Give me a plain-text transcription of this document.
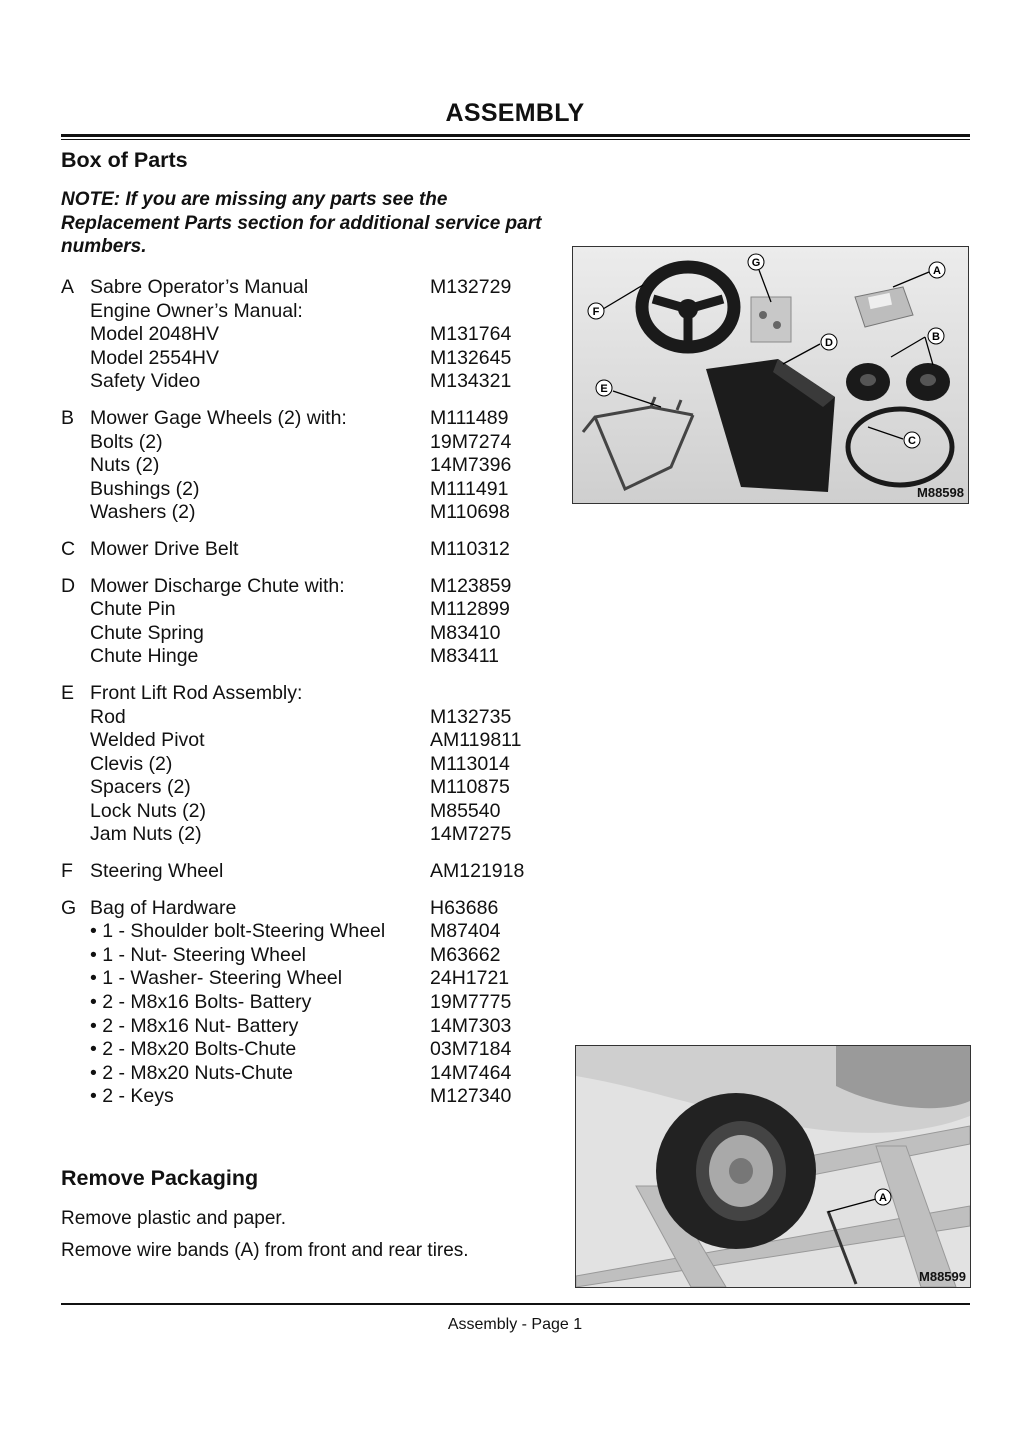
ASSEMBLY
Box of Parts
NOTE: If you are missing any parts see the Replacement Parts section for additional service part numbers.
A Sabre Operator’s Manual	M132729
Engine Owner’s Manual:
Model 2048HV	M131764
Model 2554HV	M132645
Safety Video	M134321
B Mower Gage Wheels (2) with:	M111489
Bolts (2)	19M7274
Nuts (2)	14M7396
Bushings (2)	M111491
Washers (2)	M110698
C Mower Drive Belt	M110312
D Mower Discharge Chute with:	M123859
Chute Pin	M112899
Chute Spring	M83410
Chute Hinge	M83411
E Front Lift Rod Assembly:
Rod	M132735
Welded Pivot	AM119811
Clevis (2)	M113014
Spacers (2)	M110875
Lock Nuts (2)	M85540
Jam Nuts (2)	14M7275
F Steering Wheel	AM121918
G Bag of Hardware	H63686
• 1 - Shoulder bolt-Steering Wheel M87404
• 1 - Nut- Steering Wheel	M63662
• 1 - Washer- Steering Wheel	24H1721
• 2 - M8x16 Bolts- Battery	19M7775
• 2 - M8x16 Nut- Battery	14M7303
• 2 - M8x20 Bolts-Chute	03M7184
• 2 - M8x20 Nuts-Chute	14M7464
• 2 - Keys	M127340
Remove Packaging
Remove plastic and paper.
Remove wire bands (A) from front and rear tires.
G
A
F
D	B
E
C
M88598
A
M88599
Assembly - Page 1
